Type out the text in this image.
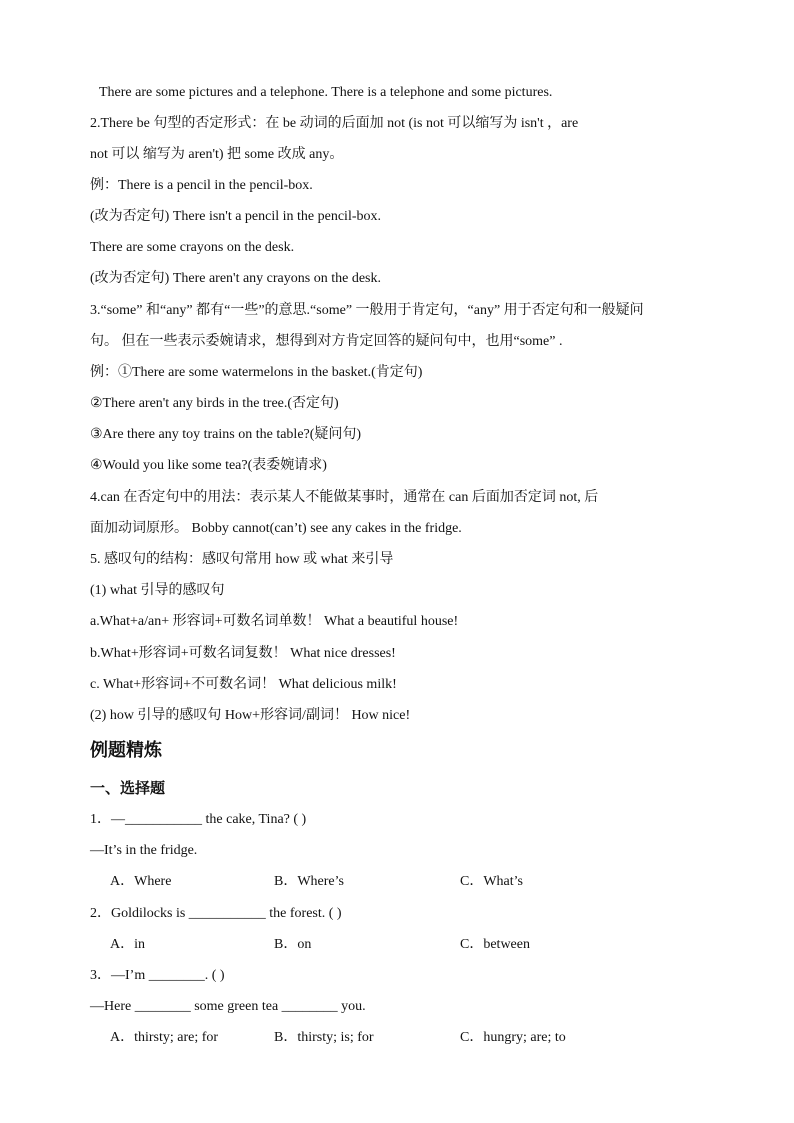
There are some pictures and a telephone. There is a telephone and some pictures.
2.There be 句型的否定形式：在 be 动词的后面加 not (is not 可以缩写为 isn't ，are
not 可以 缩写为 aren't) 把 some 改成 any。
例：There is a pencil in the pencil-box.
(改为否定句) There isn't a pencil in the pencil-box.
There are some crayons on the desk.
(改为否定句) There aren't any crayons on the desk.
3.“some” 和“any” 都有“一些”的意思.“some” 一般用于肯定句，“any” 用于否定句和一般疑问
句。 但在一些表示委婉请求，想得到对方肯定回答的疑问句中，也用“some” .
例：①There are some watermelons in the basket.(肯定句)
②There aren't any birds in the tree.(否定句)
③Are there any toy trains on the table?(疑问句)
④Would you like some tea?(表委婉请求)
4.can 在否定句中的用法：表示某人不能做某事时，通常在 can 后面加否定词 not, 后
面加动词原形。 Bobby cannot(can’t) see any cakes in the fridge.
5. 感叹句的结构：感叹句常用 how 或 what 来引导
(1) what 引导的感叹句
a.What+a/an+ 形容词+可数名词单数！ What a beautiful house!
b.What+形容词+可数名词复数！ What nice dresses!
c. What+形容词+不可数名词！ What delicious milk!
(2) how 引导的感叹句 How+形容词/副词！ How nice!
例题精炼
一、选择题
1．—___________ the cake, Tina? ( )
—It’s in the fridge.
A．Where	B．Where’s	C．What’s
2．Goldilocks is ___________ the forest. ( )
A．in	B．on	C．between
3．—I’m ________. ( )
—Here ________ some green tea ________ you.
A．thirsty; are; for	B．thirsty; is; for	C．hungry; are; to
